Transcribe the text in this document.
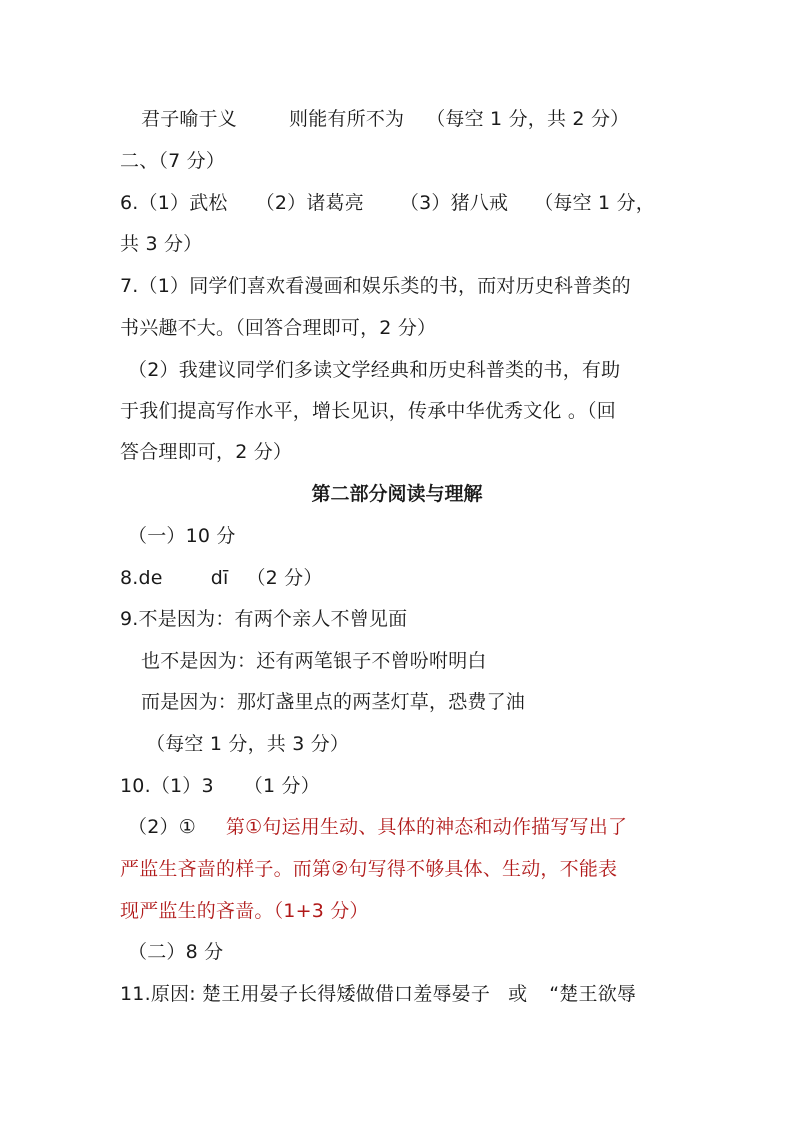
君子喻于义	则能有所不为 （每空 1 分，共 2 分）
二、（7 分）
6.（1）武松 （2）诸葛亮 （3）猪八戒 （每空 1 分，
共 3 分）
7.（1）同学们喜欢看漫画和娱乐类的书，而对历史科普类的
书兴趣不大。（回答合理即可，2 分）
（2）我建议同学们多读文学经典和历史科普类的书，有助
于我们提高写作水平，增长见识，传承中华优秀文化 。（回
答合理即可，2 分）
第二部分阅读与理解
（一）10 分
8.de	dī （2 分）
9.不是因为：有两个亲人不曾见面
也不是因为：还有两笔银子不曾吩咐明白
而是因为：那灯盏里点的两茎灯草，恐费了油
（每空 1 分，共 3 分）
10.（1）3 （1 分）
（2）① 第①句运用生动、具体的神态和动作描写写出了
严监生吝啬的样子。而第②句写得不够具体、生动，不能表
现严监生的吝啬。（1+3 分）
（二）8 分
11.原因: 楚王用晏子长得矮做借口羞辱晏子 或 “楚王欲辱
